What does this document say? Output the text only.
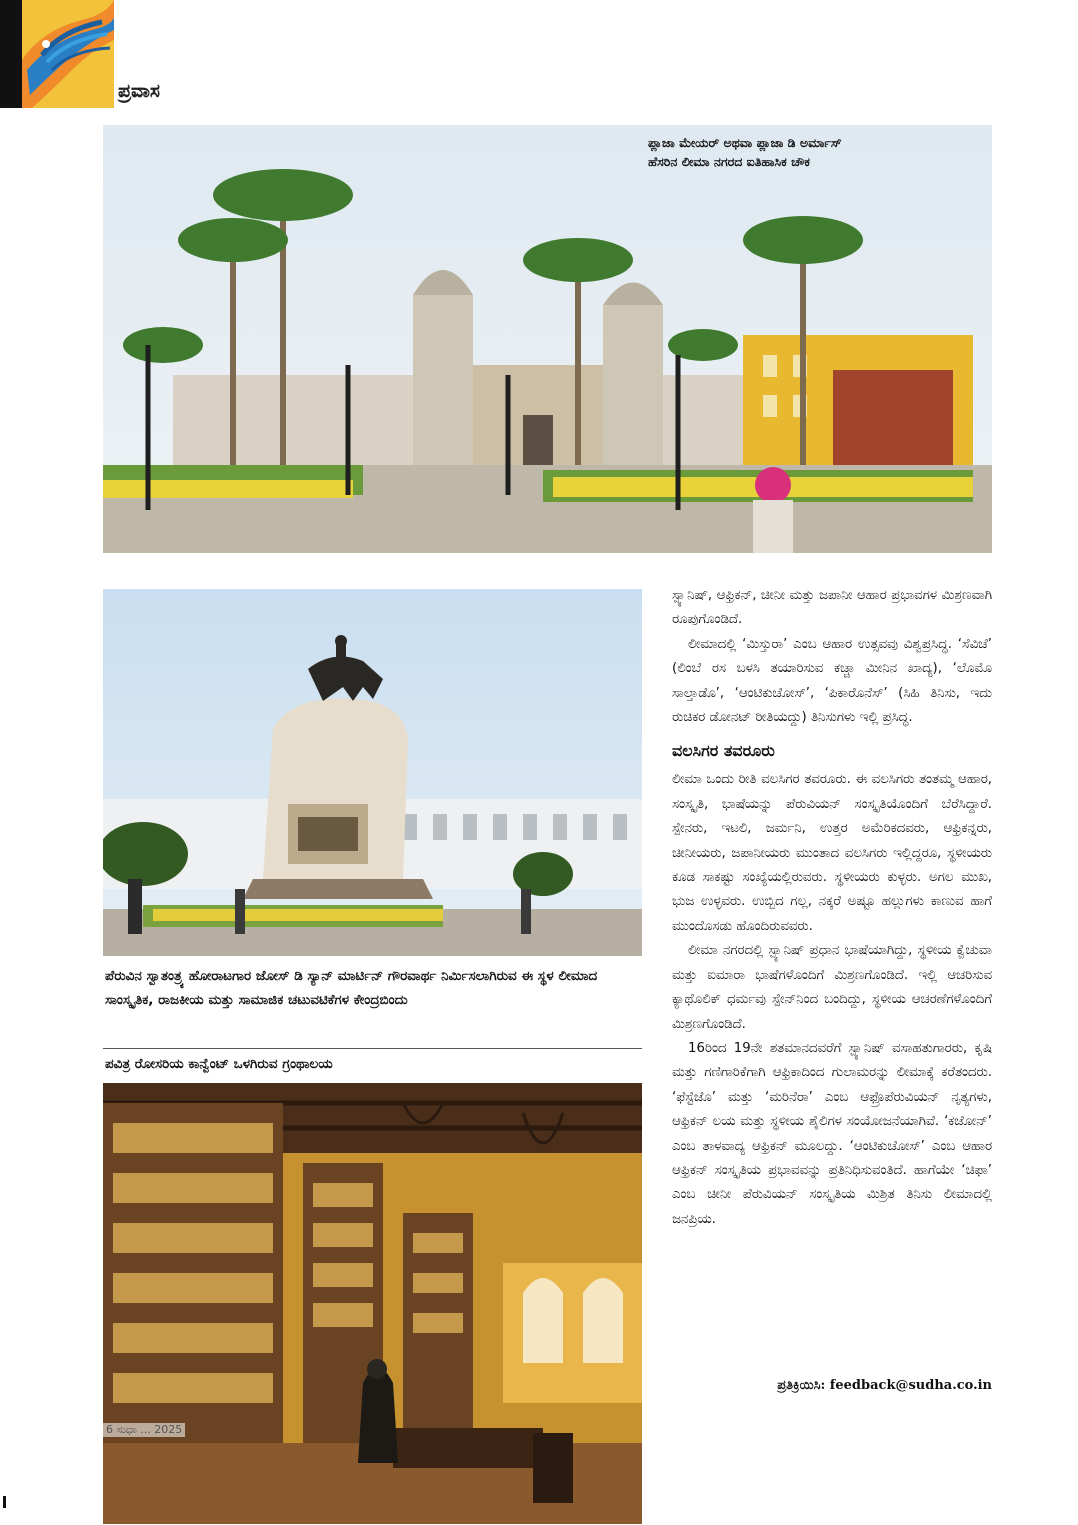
ಪ್ರವಾಸ
ಪ್ಲಾಜಾ ಮೇಯರ್ ಅಥವಾ ಪ್ಲಾಜಾ ಡಿ ಅರ್ಮಾಸ್
ಹೆಸರಿನ ಲೀಮಾ ನಗರದ ಐತಿಹಾಸಿಕ ಚೌಕ
ಪೆರುವಿನ ಸ್ವಾತಂತ್ರ್ಯ ಹೋರಾಟಗಾರ ಜೋಸ್ ಡಿ ಸ್ಯಾನ್ ಮಾರ್ಟಿನ್ ಗೌರವಾರ್ಥ ನಿರ್ಮಿಸಲಾಗಿರುವ ಈ ಸ್ಥಳ ಲೀಮಾದ ಸಾಂಸ್ಕೃತಿಕ, ರಾಜಕೀಯ ಮತ್ತು ಸಾಮಾಜಿಕ ಚಟುವಟಿಕೆಗಳ ಕೇಂದ್ರಬಿಂದು
ಪವಿತ್ರ ರೋಸರಿಯ ಕಾನ್ವೆಂಟ್ ಒಳಗಿರುವ ಗ್ರಂಥಾಲಯ
6 ಸುಧಾ ... 2025

ಸ್ಪ್ಯಾನಿಷ್, ಆಫ್ರಿಕನ್, ಚೀನೀ ಮತ್ತು ಜಪಾನೀ ಆಹಾರ ಪ್ರಭಾವಗಳ ಮಿಶ್ರಣವಾಗಿ ರೂಪುಗೊಂಡಿದೆ.

ಲೀಮಾದಲ್ಲಿ ‘ಮಿಸ್ತುರಾ’ ಎಂಬ ಆಹಾರ ಉತ್ಸವವು ವಿಶ್ವಪ್ರಸಿದ್ಧ. ‘ಸೆವಿಚೆ’ (ಲಿಂಬೆ ರಸ ಬಳಸಿ ತಯಾರಿಸುವ ಕಚ್ಚಾ ಮೀನಿನ ಖಾದ್ಯ), ‘ಲೊಮೊ ಸಾಲ್ತಾಡೊ’, ‘ಆಂಟಿಕುಚೋಸ್’, ‘ಪಿಕಾರೊನೆಸ್’ (ಸಿಹಿ ತಿನಿಸು, ಇದು ರುಚಿಕರ ಡೋನಟ್ ರೀತಿಯದ್ದು) ತಿನಿಸುಗಳು ಇಲ್ಲಿ ಪ್ರಸಿದ್ಧ.

ವಲಸಿಗರ ತವರೂರು

ಲೀಮಾ ಒಂದು ರೀತಿ ವಲಸಿಗರ ತವರೂರು. ಈ ವಲಸಿಗರು ತಂತಮ್ಮ ಆಹಾರ, ಸಂಸ್ಕೃತಿ, ಭಾಷೆಯನ್ನು ಪೆರುವಿಯನ್ ಸಂಸ್ಕೃತಿಯೊಂದಿಗೆ ಬೆರೆಸಿದ್ದಾರೆ. ಸ್ಪೇನರು, ಇಟಲಿ, ಜರ್ಮನಿ, ಉತ್ತರ ಅಮೆರಿಕದವರು, ಆಫ್ರಿಕನ್ನರು, ಚೀನೀಯರು, ಜಪಾನೀಯರು ಮುಂತಾದ ವಲಸಿಗರು ಇಲ್ಲಿದ್ದರೂ, ಸ್ಥಳೀಯರು ಕೂಡ ಸಾಕಷ್ಟು ಸಂಖ್ಯೆಯಲ್ಲಿರುವರು. ಸ್ಥಳೀಯರು ಕುಳ್ಳರು. ಅಗಲ ಮುಖ, ಭುಜ ಉಳ್ಳವರು. ಉಬ್ಬಿದ ಗಲ್ಲ, ನಕ್ಕರೆ ಅಷ್ಟೂ ಹಲ್ಲುಗಳು ಕಾಣುವ ಹಾಗೆ ಮುಂದೊಸಡು ಹೊಂದಿರುವವರು.

ಲೀಮಾ ನಗರದಲ್ಲಿ ಸ್ಪ್ಯಾನಿಷ್ ಪ್ರಧಾನ ಭಾಷೆಯಾಗಿದ್ದು, ಸ್ಥಳೀಯ ಕ್ವೆಚುವಾ ಮತ್ತು ಐಮಾರಾ ಭಾಷೆಗಳೊಂದಿಗೆ ಮಿಶ್ರಣಗೊಂಡಿದೆ. ಇಲ್ಲಿ ಆಚರಿಸುವ ಕ್ಯಾಥೊಲಿಕ್ ಧರ್ಮವು ಸ್ಪೇನ್‌ನಿಂದ ಬಂದಿದ್ದು, ಸ್ಥಳೀಯ ಆಚರಣೆಗಳೊಂದಿಗೆ ಮಿಶ್ರಣಗೊಂಡಿದೆ.

16ರಿಂದ 19ನೇ ಶತಮಾನದವರೆಗೆ ಸ್ಪ್ಯಾನಿಷ್ ವಸಾಹತುಗಾರರು, ಕೃಷಿ ಮತ್ತು ಗಣಿಗಾರಿಕೆಗಾಗಿ ಆಫ್ರಿಕಾದಿಂದ ಗುಲಾಮರನ್ನು ಲೀಮಾಕ್ಕೆ ಕರೆತಂದರು. ‘ಫೆಸ್ಟೆಜೊ’ ಮತ್ತು ‘ಮರಿನೆರಾ’ ಎಂಬ ಆಫ್ರೊಪೆರುವಿಯನ್ ನೃತ್ಯಗಳು, ಆಫ್ರಿಕನ್ ಲಯ ಮತ್ತು ಸ್ಥಳೀಯ ಶೈಲಿಗಳ ಸಂಯೋಜನೆಯಾಗಿವೆ. ‘ಕಜೋನ್’ ಎಂಬ ತಾಳವಾದ್ಯ ಆಫ್ರಿಕನ್ ಮೂಲದ್ದು. ‘ಆಂಟಿಕುಚೋಸ್’ ಎಂಬ ಆಹಾರ ಆಫ್ರಿಕನ್ ಸಂಸ್ಕೃತಿಯ ಪ್ರಭಾವವನ್ನು ಪ್ರತಿನಿಧಿಸುವಂತಿದೆ. ಹಾಗೆಯೇ ‘ಚಿಫಾ’ ಎಂಬ ಚೀನೀ ಪೆರುವಿಯನ್ ಸಂಸ್ಕೃತಿಯ ಮಿಶ್ರಿತ ತಿನಿಸು ಲೀಮಾದಲ್ಲಿ ಜನಪ್ರಿಯ.

ಪ್ರತಿಕ್ರಿಯಿಸಿ: feedback@sudha.co.in
